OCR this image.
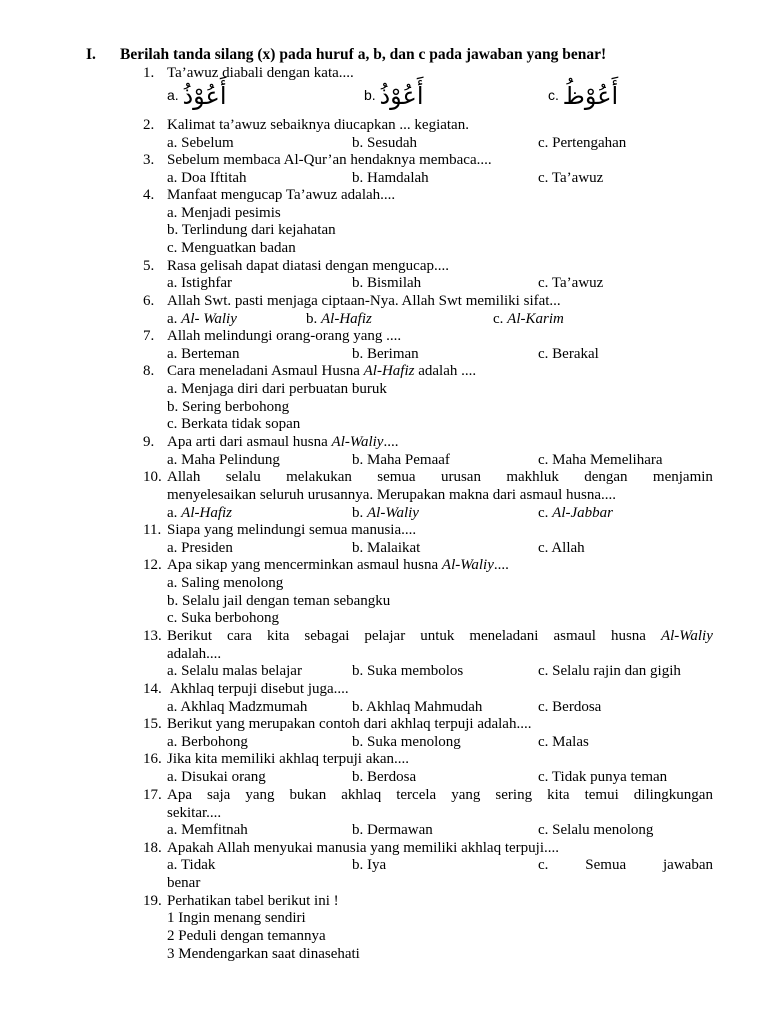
I. Berilah tanda silang (x) pada huruf a, b, dan c pada jawaban yang benar!
1. Ta’awuz diabali dengan kata....
a. أَعُوْذُ	b. أَعُوْذُ	c. أَعُوْظُ
2. Kalimat ta’awuz sebaiknya diucapkan ... kegiatan.
a. Sebelum	b. Sesudah	c. Pertengahan
3. Sebelum membaca Al-Qur’an hendaknya membaca....
a. Doa Iftitah	b. Hamdalah	c. Ta’awuz
4. Manfaat mengucap Ta’awuz adalah....
a. Menjadi pesimis
b. Terlindung dari kejahatan
c. Menguatkan badan
5. Rasa gelisah dapat diatasi dengan mengucap....
a. Istighfar	b. Bismilah	c. Ta’awuz
6. Allah Swt. pasti menjaga ciptaan-Nya. Allah Swt memiliki sifat...
a. Al- Waliy	b. Al-Hafiz	c. Al-Karim
7. Allah melindungi orang-orang yang ....
a. Berteman	b. Beriman	c. Berakal
8. Cara meneladani Asmaul Husna Al-Hafiz adalah ....
a. Menjaga diri dari perbuatan buruk
b. Sering berbohong
c. Berkata tidak sopan
9. Apa arti dari asmaul husna Al-Waliy....
a. Maha Pelindung	b. Maha Pemaaf	c. Maha Memelihara
10. Allah selalu melakukan semua urusan makhluk dengan menjamin
menyelesaikan seluruh urusannya. Merupakan makna dari asmaul husna....
a. Al-Hafiz	b. Al-Waliy	c. Al-Jabbar
11. Siapa yang melindungi semua manusia....
a. Presiden	b. Malaikat	c. Allah
12. Apa sikap yang mencerminkan asmaul husna Al-Waliy....
a. Saling menolong
b. Selalu jail dengan teman sebangku
c. Suka berbohong
13. Berikut cara kita sebagai pelajar untuk meneladani asmaul husna Al-Waliy
adalah....
a. Selalu malas belajar	b. Suka membolos	c. Selalu rajin dan gigih
14. Akhlaq terpuji disebut juga....
a. Akhlaq Madzmumah	b. Akhlaq Mahmudah	c. Berdosa
15. Berikut yang merupakan contoh dari akhlaq terpuji adalah....
a. Berbohong	b. Suka menolong	c. Malas
16. Jika kita memiliki akhlaq terpuji akan....
a. Disukai orang	b. Berdosa	c. Tidak punya teman
17. Apa saja yang bukan akhlaq tercela yang sering kita temui dilingkungan
sekitar....
a. Memfitnah	b. Dermawan	c. Selalu menolong
18. Apakah Allah menyukai manusia yang memiliki akhlaq terpuji....
a. Tidak	b. Iya	c. Semua jawaban
benar
19. Perhatikan tabel berikut ini !
1 Ingin menang sendiri
2 Peduli dengan temannya
3 Mendengarkan saat dinasehati
